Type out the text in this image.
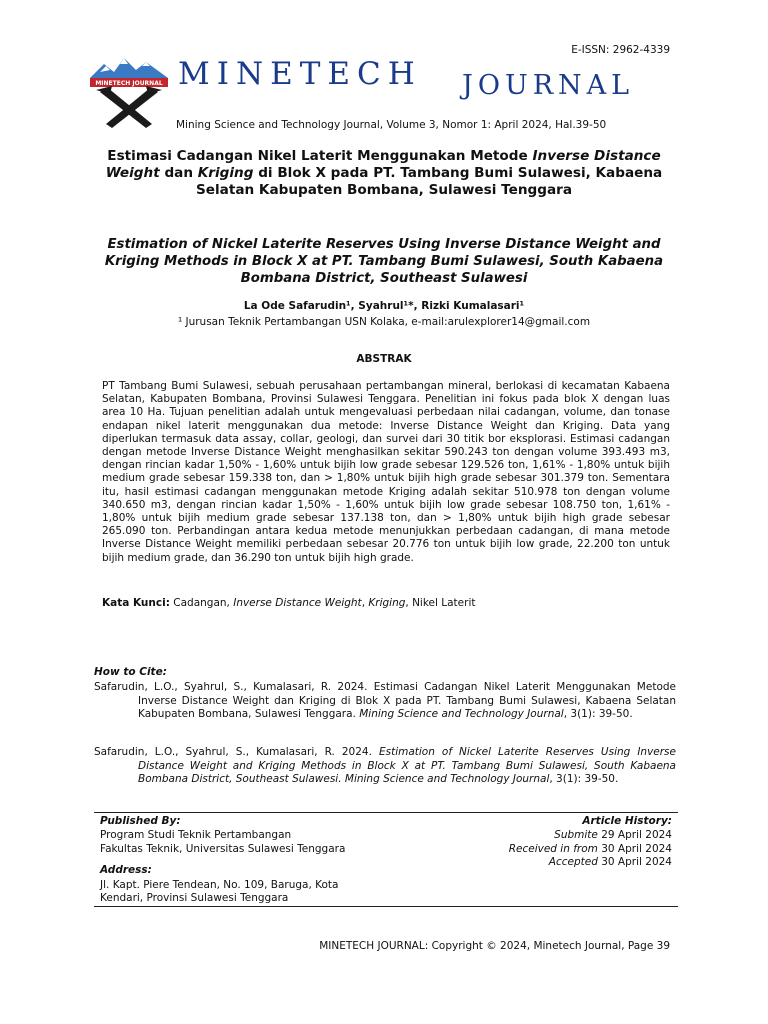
E-ISSN: 2962-4339
MINETECH JOURNAL MINETECH JOURNAL
Mining Science and Technology Journal, Volume 3, Nomor 1: April 2024, Hal.39-50
Estimasi Cadangan Nikel Laterit Menggunakan Metode Inverse Distance Weight dan Kriging di Blok X pada PT. Tambang Bumi Sulawesi, Kabaena Selatan Kabupaten Bombana, Sulawesi Tenggara
Estimation of Nickel Laterite Reserves Using Inverse Distance Weight and Kriging Methods in Block X at PT. Tambang Bumi Sulawesi, South Kabaena Bombana District, Southeast Sulawesi
La Ode Safarudin¹, Syahrul¹*, Rizki Kumalasari¹
¹ Jurusan Teknik Pertambangan USN Kolaka, e-mail:arulexplorer14@gmail.com
ABSTRAK
PT Tambang Bumi Sulawesi, sebuah perusahaan pertambangan mineral, berlokasi di kecamatan Kabaena Selatan, Kabupaten Bombana, Provinsi Sulawesi Tenggara. Penelitian ini fokus pada blok X dengan luas area 10 Ha. Tujuan penelitian adalah untuk mengevaluasi perbedaan nilai cadangan, volume, dan tonase endapan nikel laterit menggunakan dua metode: Inverse Distance Weight dan Kriging. Data yang diperlukan termasuk data assay, collar, geologi, dan survei dari 30 titik bor eksplorasi. Estimasi cadangan dengan metode Inverse Distance Weight menghasilkan sekitar 590.243 ton dengan volume 393.493 m3, dengan rincian kadar 1,50% - 1,60% untuk bijih low grade sebesar 129.526 ton, 1,61% - 1,80% untuk bijih medium grade sebesar 159.338 ton, dan > 1,80% untuk bijih high grade sebesar 301.379 ton. Sementara itu, hasil estimasi cadangan menggunakan metode Kriging adalah sekitar 510.978 ton dengan volume 340.650 m3, dengan rincian kadar 1,50% - 1,60% untuk bijih low grade sebesar 108.750 ton, 1,61% - 1,80% untuk bijih medium grade sebesar 137.138 ton, dan > 1,80% untuk bijih high grade sebesar 265.090 ton. Perbandingan antara kedua metode menunjukkan perbedaan cadangan, di mana metode Inverse Distance Weight memiliki perbedaan sebesar 20.776 ton untuk bijih low grade, 22.200 ton untuk bijih medium grade, dan 36.290 ton untuk bijih high grade.
Kata Kunci: Cadangan, Inverse Distance Weight, Kriging, Nikel Laterit
How to Cite:
Safarudin, L.O., Syahrul, S., Kumalasari, R. 2024. Estimasi Cadangan Nikel Laterit Menggunakan Metode Inverse Distance Weight dan Kriging di Blok X pada PT. Tambang Bumi Sulawesi, Kabaena Selatan Kabupaten Bombana, Sulawesi Tenggara. Mining Science and Technology Journal, 3(1): 39-50.
Safarudin, L.O., Syahrul, S., Kumalasari, R. 2024. Estimation of Nickel Laterite Reserves Using Inverse Distance Weight and Kriging Methods in Block X at PT. Tambang Bumi Sulawesi, South Kabaena Bombana District, Southeast Sulawesi. Mining Science and Technology Journal, 3(1): 39-50.
Published By:
Program Studi Teknik Pertambangan
Fakultas Teknik, Universitas Sulawesi Tenggara
Address:
Jl. Kapt. Piere Tendean, No. 109, Baruga, Kota
Kendari, Provinsi Sulawesi Tenggara
Article History:
Submite 29 April 2024
Received in from 30 April 2024
Accepted 30 April 2024
MINETECH JOURNAL: Copyright © 2024, Minetech Journal, Page 39
